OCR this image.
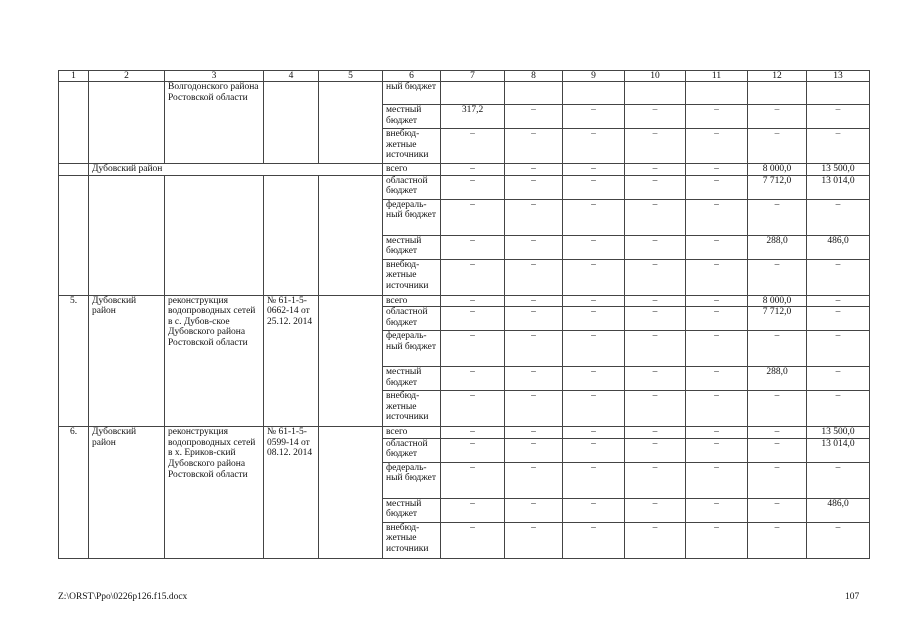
1	2	3	4	5	6	7	8	9	10	11	12	13
		Волгодонского района Ростовской области			ный бюджет							
					местный бюджет	317,2	–	–	–	–	–	–
					внебюд-жетные источники	–	–	–	–	–	–	–
	Дубовский район				всего	–	–	–	–	–	8 000,0	13 500,0
					областной бюджет	–	–	–	–	–	7 712,0	13 014,0
					федераль-ный бюджет	–	–	–	–	–	–	–
					местный бюджет	–	–	–	–	–	288,0	486,0
					внебюд-жетные источники	–	–	–	–	–	–	–
5.	Дубовский район	реконструкция водопроводных сетей в с. Дубов-ское Дубовского района Ростовской области	№ 61-1-5-0662-14 от 25.12. 2014		всего	–	–	–	–	–	8 000,0	–
					областной бюджет	–	–	–	–	–	7 712,0	–
					федераль-ный бюджет	–	–	–	–	–	–	–
					местный бюджет	–	–	–	–	–	288,0	–
					внебюд-жетные источники	–	–	–	–	–	–	–
6.	Дубовский район	реконструкция водопроводных сетей в х. Ериков-ский Дубовского района Ростовской области	№ 61-1-5-0599-14 от 08.12. 2014		всего	–	–	–	–	–	–	13 500,0
					областной бюджет	–	–	–	–	–	–	13 014,0
					федераль-ный бюджет	–	–	–	–	–	–	–
					местный бюджет	–	–	–	–	–	–	486,0
					внебюд-жетные источники	–	–	–	–	–	–	–
Z:\ORST\Ppo\0226p126.f15.docx	107
